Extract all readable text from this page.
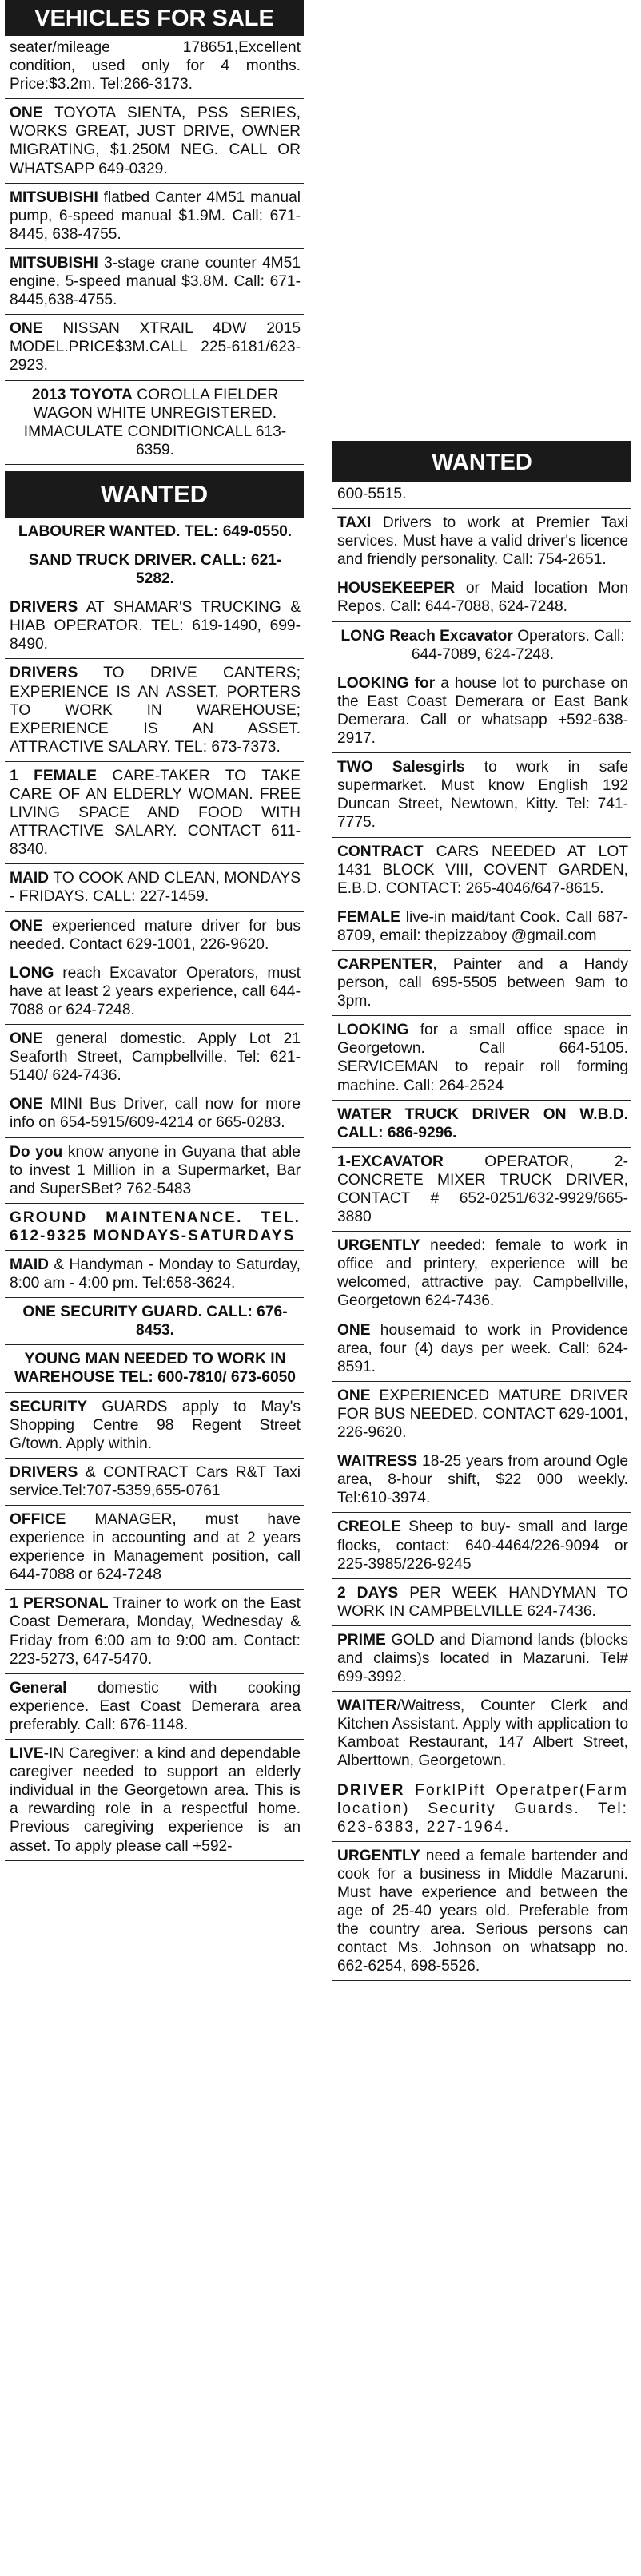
VEHICLES FOR SALE
seater/mileage 178651,Excellent condition, used only for 4 months. Price:$3.2m. Tel:266-3173.
ONE TOYOTA SIENTA, PSS SERIES, WORKS GREAT, JUST DRIVE, OWNER MIGRATING, $1.250M NEG. CALL OR WHATSAPP 649-0329.
MITSUBISHI flatbed Canter 4M51 manual pump, 6-speed manual $1.9M. Call: 671-8445, 638-4755.
MITSUBISHI 3-stage crane counter 4M51 engine, 5-speed manual $3.8M. Call: 671-8445,638-4755.
ONE NISSAN XTRAIL 4DW 2015 MODEL.PRICE$3M.CALL 225-6181/623-2923.
2013 TOYOTA COROLLA FIELDER WAGON WHITE UNREGISTERED. IMMACULATE CONDITIONCALL 613-6359.
WANTED
LABOURER WANTED. TEL: 649-0550.
SAND TRUCK DRIVER. CALL: 621-5282.
DRIVERS AT SHAMAR'S TRUCKING & HIAB OPERATOR. TEL: 619-1490, 699-8490.
DRIVERS TO DRIVE CANTERS; EXPERIENCE IS AN ASSET. PORTERS TO WORK IN WAREHOUSE; EXPERIENCE IS AN ASSET. ATTRACTIVE SALARY. TEL: 673-7373.
1 FEMALE CARE-TAKER TO TAKE CARE OF AN ELDERLY WOMAN. FREE LIVING SPACE AND FOOD WITH ATTRACTIVE SALARY. CONTACT 611-8340.
MAID TO COOK AND CLEAN, MONDAYS - FRIDAYS. CALL: 227-1459.
ONE experienced mature driver for bus needed. Contact 629-1001, 226-9620.
LONG reach Excavator Operators, must have at least 2 years experience, call 644-7088 or 624-7248.
ONE general domestic. Apply Lot 21 Seaforth Street, Campbellville. Tel: 621-5140/ 624-7436.
ONE MINI Bus Driver, call now for more info on 654-5915/609-4214 or 665-0283.
Do you know anyone in Guyana that able to invest 1 Million in a Supermarket, Bar and SuperSBet? 762-5483
GROUND MAINTENANCE. TEL. 612-9325 MONDAYS-SATURDAYS
MAID & Handyman - Monday to Saturday, 8:00 am - 4:00 pm. Tel:658-3624.
ONE SECURITY GUARD. CALL: 676-8453.
YOUNG MAN NEEDED TO WORK IN WAREHOUSE TEL: 600-7810/ 673-6050
SECURITY GUARDS apply to May's Shopping Centre 98 Regent Street G/town. Apply within.
DRIVERS & CONTRACT Cars R&T Taxi service.Tel:707-5359,655-0761
OFFICE MANAGER, must have experience in accounting and at 2 years experience in Management position, call 644-7088 or 624-7248
1 PERSONAL Trainer to work on the East Coast Demerara, Monday, Wednesday & Friday from 6:00 am to 9:00 am. Contact: 223-5273, 647-5470.
General domestic with cooking experience. East Coast Demerara area preferably. Call: 676-1148.
LIVE-IN Caregiver: a kind and dependable caregiver needed to support an elderly individual in the Georgetown area. This is a rewarding role in a respectful home. Previous caregiving experience is an asset. To apply please call +592-
WANTED
600-5515.
TAXI Drivers to work at Premier Taxi services. Must have a valid driver's licence and friendly personality. Call: 754-2651.
HOUSEKEEPER or Maid location Mon Repos. Call: 644-7088, 624-7248.
LONG Reach Excavator Operators. Call: 644-7089, 624-7248.
LOOKING for a house lot to purchase on the East Coast Demerara or East Bank Demerara. Call or whatsapp +592-638-2917.
TWO Salesgirls to work in safe supermarket. Must know English 192 Duncan Street, Newtown, Kitty. Tel: 741-7775.
CONTRACT CARS NEEDED AT LOT 1431 BLOCK VIII, COVENT GARDEN, E.B.D. CONTACT: 265-4046/647-8615.
FEMALE live-in maid/tant Cook. Call 687-8709, email: thepizzaboy @gmail.com
CARPENTER, Painter and a Handy person, call 695-5505 between 9am to 3pm.
LOOKING for a small office space in Georgetown. Call 664-5105. SERVICEMAN to repair roll forming machine. Call: 264-2524
WATER TRUCK DRIVER ON W.B.D. CALL: 686-9296.
1-EXCAVATOR OPERATOR, 2- CONCRETE MIXER TRUCK DRIVER, CONTACT # 652-0251/632-9929/665-3880
URGENTLY needed: female to work in office and printery, experience will be welcomed, attractive pay. Campbellville, Georgetown 624-7436.
ONE housemaid to work in Providence area, four (4) days per week. Call: 624-8591.
ONE EXPERIENCED MATURE DRIVER FOR BUS NEEDED. CONTACT 629-1001, 226-9620.
WAITRESS 18-25 years from around Ogle area, 8-hour shift, $22 000 weekly. Tel:610-3974.
CREOLE Sheep to buy- small and large flocks, contact: 640-4464/226-9094 or 225-3985/226-9245
2 DAYS PER WEEK HANDYMAN TO WORK IN CAMPBELVILLE 624-7436.
PRIME GOLD and Diamond lands (blocks and claims)s located in Mazaruni. Tel# 699-3992.
WAITER/Waitress, Counter Clerk and Kitchen Assistant. Apply with application to Kamboat Restaurant, 147 Albert Street, Alberttown, Georgetown.
DRIVER ForklPift Operatper(Farm location) Security Guards. Tel: 623-6383, 227-1964.
URGENTLY need a female bartender and cook for a business in Middle Mazaruni. Must have experience and between the age of 25-40 years old. Preferable from the country area. Serious persons can contact Ms. Johnson on whatsapp no. 662-6254, 698-5526.
